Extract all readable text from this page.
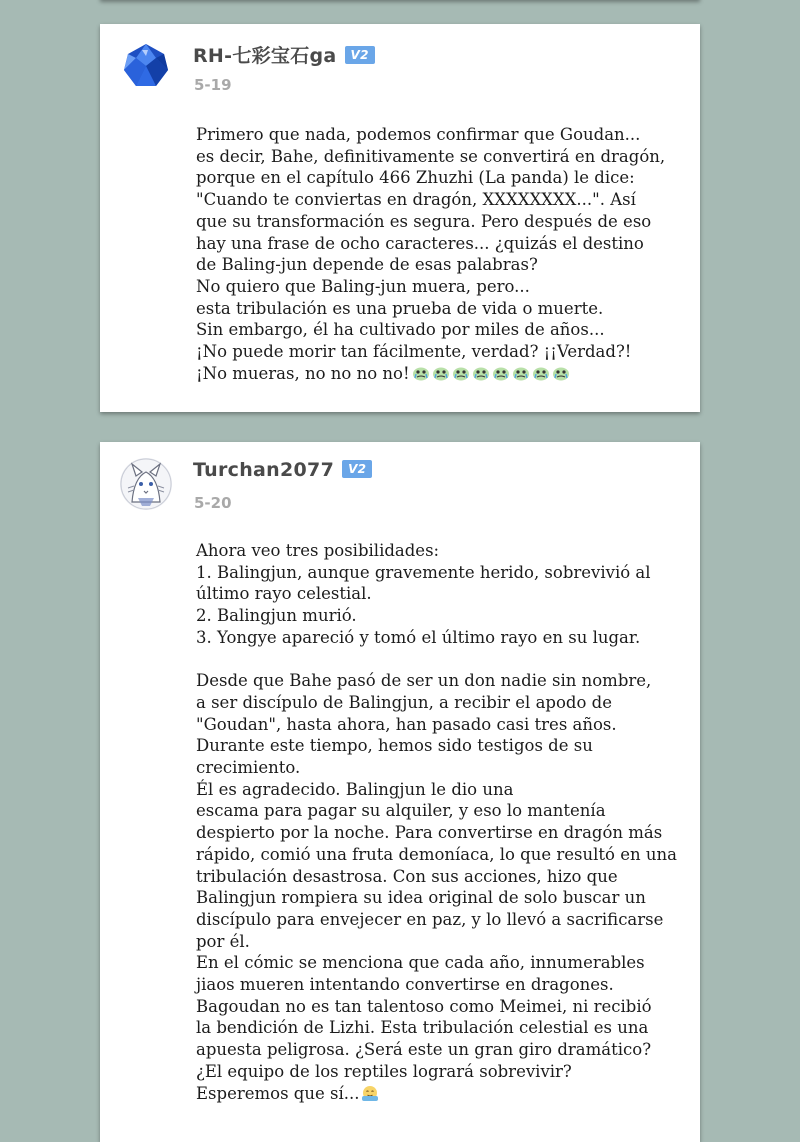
RH-七彩宝石ga V2
5-19

Primero que nada, podemos confirmar que Goudan...

es decir, Bahe, definitivamente se convertirá en dragón,

porque en el capítulo 466 Zhuzhi (La panda) le dice:

"Cuando te conviertas en dragón, XXXXXXXX...". Así

que su transformación es segura. Pero después de eso

hay una frase de ocho caracteres... ¿quizás el destino

de Baling-jun depende de esas palabras?

No quiero que Baling-jun muera, pero...

esta tribulación es una prueba de vida o muerte.

Sin embargo, él ha cultivado por miles de años...

¡No puede morir tan fácilmente, verdad? ¡¡Verdad?!

¡No mueras, no no no no!

Turchan2077 V2
5-20

Ahora veo tres posibilidades:

1. Balingjun, aunque gravemente herido, sobrevivió al

último rayo celestial.

2. Balingjun murió.

3. Yongye apareció y tomó el último rayo en su lugar.

Desde que Bahe pasó de ser un don nadie sin nombre,

a ser discípulo de Balingjun, a recibir el apodo de

"Goudan", hasta ahora, han pasado casi tres años.

Durante este tiempo, hemos sido testigos de su

crecimiento.

Él es agradecido. Balingjun le dio una

escama para pagar su alquiler, y eso lo mantenía

despierto por la noche. Para convertirse en dragón más

rápido, comió una fruta demoníaca, lo que resultó en una

tribulación desastrosa. Con sus acciones, hizo que

Balingjun rompiera su idea original de solo buscar un

discípulo para envejecer en paz, y lo llevó a sacrificarse

por él.

En el cómic se menciona que cada año, innumerables

jiaos mueren intentando convertirse en dragones.

Bagoudan no es tan talentoso como Meimei, ni recibió

la bendición de Lizhi. Esta tribulación celestial es una

apuesta peligrosa. ¿Será este un gran giro dramático?

¿El equipo de los reptiles logrará sobrevivir?

Esperemos que sí...
